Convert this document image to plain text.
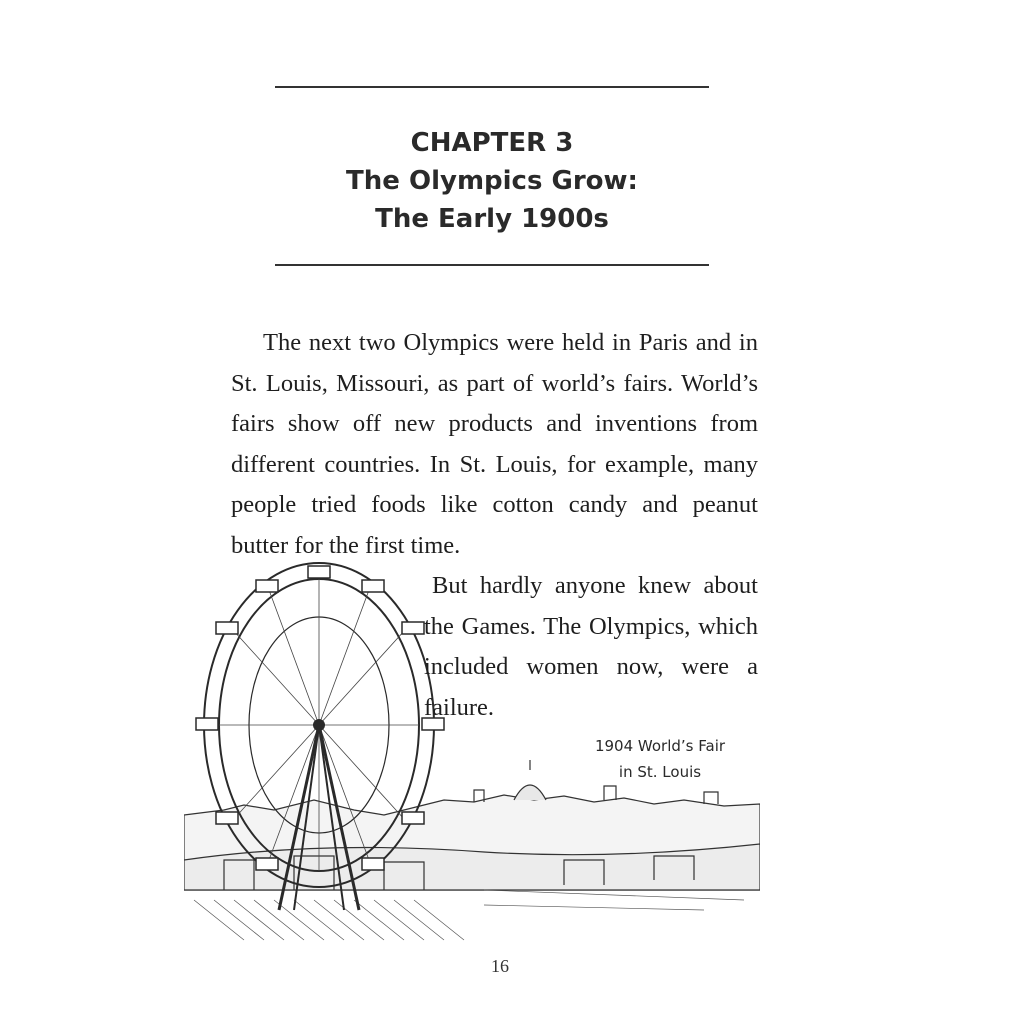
CHAPTER 3
The Olympics Grow:
The Early 1900s
The next two Olympics were held in Paris and in St. Louis, Missouri, as part of world’s fairs. World’s fairs show off new products and inventions from different countries. In St. Louis, for example, many people tried foods like cotton candy and peanut butter for the first time.
But hardly anyone knew about the Games. The Olympics, which included women now, were a failure.
1904 World’s Fair
in St. Louis
16
